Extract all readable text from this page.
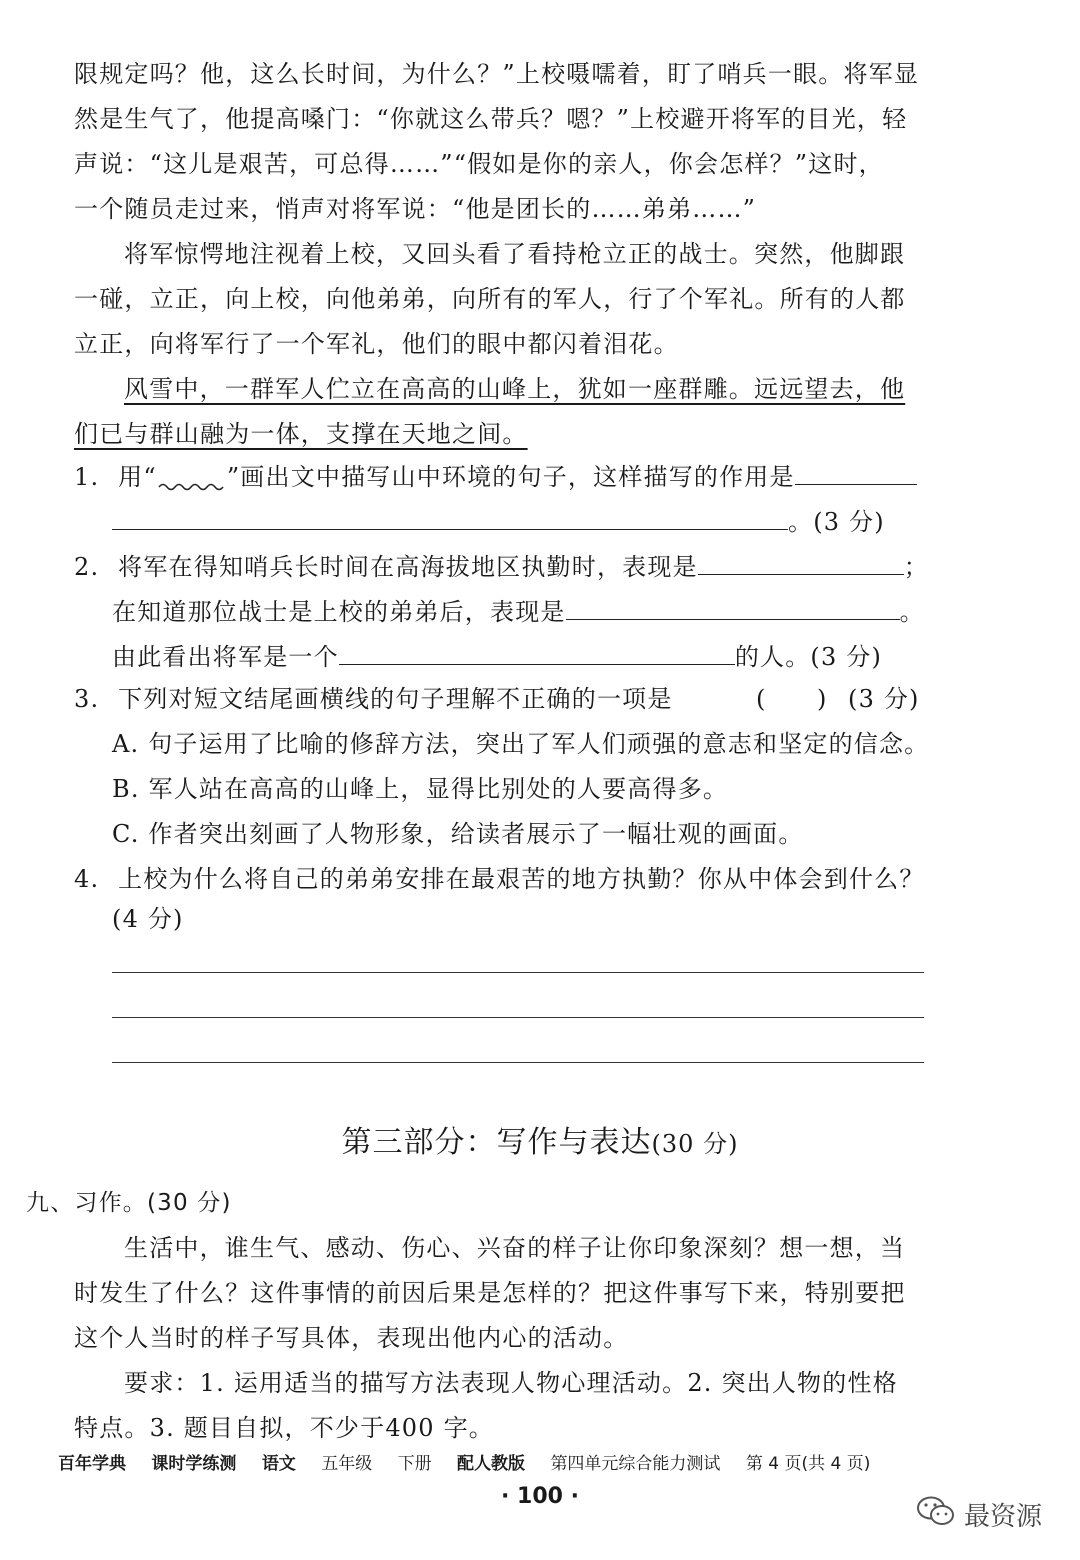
限规定吗？他，这么长时间，为什么？”上校嗫嚅着，盯了哨兵一眼。将军显
然是生气了，他提高嗓门：“你就这么带兵？嗯？”上校避开将军的目光，轻
声说：“这儿是艰苦，可总得……”“假如是你的亲人，你会怎样？”这时，
一个随员走过来，悄声对将军说：“他是团长的……弟弟……”
将军惊愕地注视着上校，又回头看了看持枪立正的战士。突然，他脚跟
一碰，立正，向上校，向他弟弟，向所有的军人，行了个军礼。所有的人都
立正，向将军行了一个军礼，他们的眼中都闪着泪花。
风雪中，一群军人伫立在高高的山峰上，犹如一座群雕。远远望去，他
们已与群山融为一体，支撑在天地之间。
1. 用“	”画出文中描写山中环境的句子，这样描写的作用是
。(3 分)
2. 将军在得知哨兵长时间在高海拔地区执勤时，表现是	；
在知道那位战士是上校的弟弟后，表现是	。
由此看出将军是一个	的人。(3 分)
3. 下列对短文结尾画横线的句子理解不正确的一项是	(　　) (3 分)
A. 句子运用了比喻的修辞方法，突出了军人们顽强的意志和坚定的信念。
B. 军人站在高高的山峰上，显得比别处的人要高得多。
C. 作者突出刻画了人物形象，给读者展示了一幅壮观的画面。
4. 上校为什么将自己的弟弟安排在最艰苦的地方执勤？你从中体会到什么？
(4 分)
第三部分：写作与表达(30 分)
九、习作。(30 分)
生活中，谁生气、感动、伤心、兴奋的样子让你印象深刻？想一想，当
时发生了什么？这件事情的前因后果是怎样的？把这件事写下来，特别要把
这个人当时的样子写具体，表现出他内心的活动。
要求：1. 运用适当的描写方法表现人物心理活动。2. 突出人物的性格
特点。3. 题目自拟，不少于400 字。
百年学典 课时学练测 语文 五年级 下册 配人教版 第四单元综合能力测试 第 4 页(共 4 页)
· 100 ·
最资源
